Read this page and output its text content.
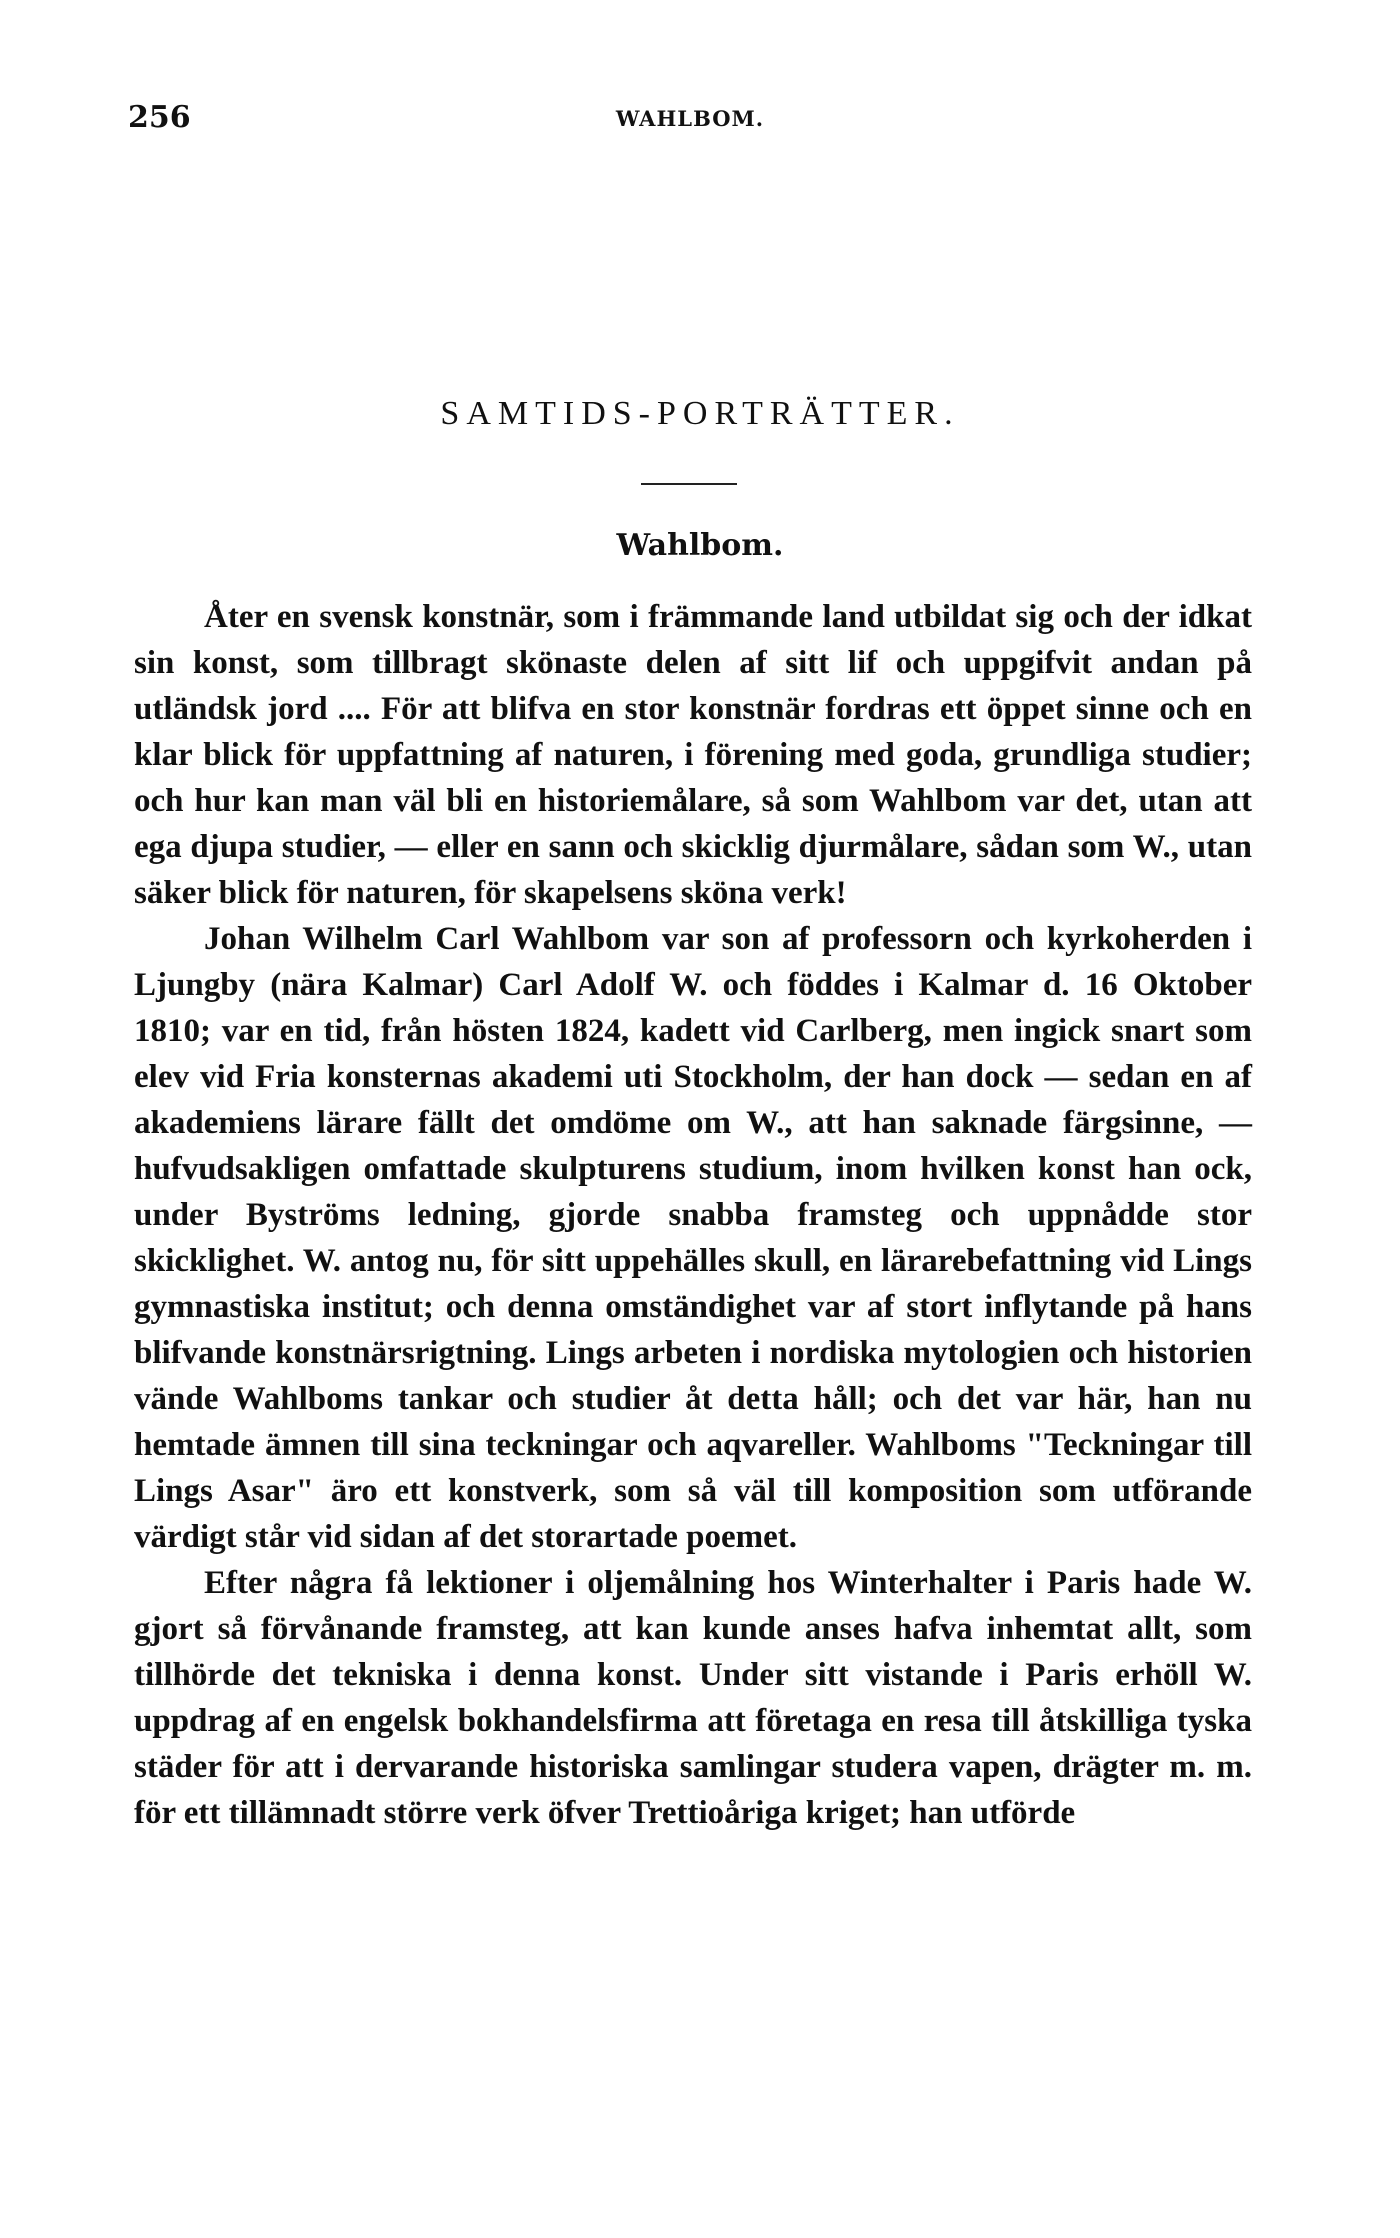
256	WAHLBOM.
SAMTIDS-PORTRÄTTER.
Wahlbom.

Åter en svensk konstnär, som i främmande land utbildat sig och der idkat sin konst, som tillbragt skönaste delen af sitt lif och uppgifvit andan på utländsk jord .... För att blifva en stor konstnär fordras ett öppet sinne och en klar blick för uppfattning af naturen, i förening med goda, grundliga studier; och hur kan man väl bli en historiemålare, så som Wahlbom var det, utan att ega djupa studier, — eller en sann och skicklig djurmålare, sådan som W., utan säker blick för naturen, för skapelsens sköna verk!

Johan Wilhelm Carl Wahlbom var son af professorn och kyrkoherden i Ljungby (nära Kalmar) Carl Adolf W. och föddes i Kalmar d. 16 Oktober 1810; var en tid, från hösten 1824, kadett vid Carlberg, men ingick snart som elev vid Fria konsternas akademi uti Stockholm, der han dock — sedan en af akademiens lärare fällt det omdöme om W., att han saknade färgsinne, — hufvudsakligen omfattade skulpturens studium, inom hvilken konst han ock, under Byströms ledning, gjorde snabba framsteg och uppnådde stor skicklighet. W. antog nu, för sitt uppehälles skull, en lärarebefattning vid Lings gymnastiska institut; och denna omständighet var af stort inflytande på hans blifvande konstnärsrigtning. Lings arbeten i nordiska mytologien och historien vände Wahlboms tankar och studier åt detta håll; och det var här, han nu hemtade ämnen till sina teckningar och aqvareller. Wahlboms "Teckningar till Lings Asar" äro ett konstverk, som så väl till komposition som utförande värdigt står vid sidan af det storartade poemet.

Efter några få lektioner i oljemålning hos Winterhalter i Paris hade W. gjort så förvånande framsteg, att kan kunde anses hafva inhemtat allt, som tillhörde det tekniska i denna konst. Under sitt vistande i Paris erhöll W. uppdrag af en engelsk bokhandelsfirma att företaga en resa till åtskilliga tyska städer för att i dervarande historiska samlingar studera vapen, drägter m. m. för ett tillämnadt större verk öfver Trettioåriga kriget; han utförde
